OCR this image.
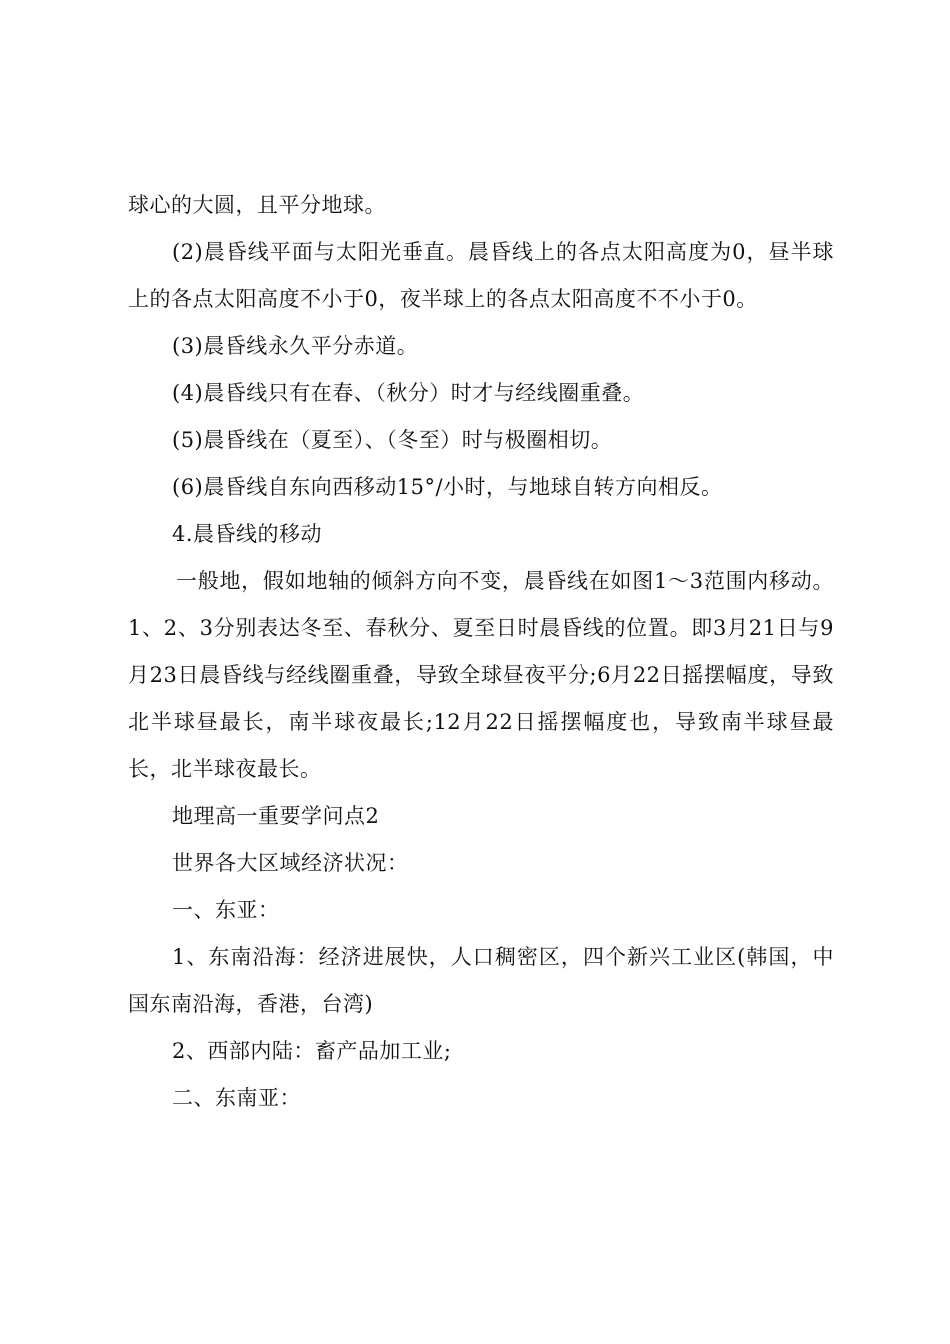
球心的大圆，且平分地球。

(2)晨昏线平面与太阳光垂直。晨昏线上的各点太阳高度为0，昼半球上的各点太阳高度不小于0，夜半球上的各点太阳高度不不小于0。

(3)晨昏线永久平分赤道。

(4)晨昏线只有在春、（秋分）时才与经线圈重叠。

(5)晨昏线在（夏至）、（冬至）时与极圈相切。

(6)晨昏线自东向西移动15°/小时，与地球自转方向相反。

4.晨昏线的移动

一般地，假如地轴的倾斜方向不变，晨昏线在如图1～3范围内移动。1、2、3分别表达冬至、春秋分、夏至日时晨昏线的位置。即3月21日与9月23日晨昏线与经线圈重叠，导致全球昼夜平分;6月22日摇摆幅度，导致北半球昼最长，南半球夜最长;12月22日摇摆幅度也，导致南半球昼最长，北半球夜最长。

地理高一重要学问点2

世界各大区域经济状况：

一、东亚：

1、东南沿海：经济进展快，人口稠密区，四个新兴工业区(韩国，中国东南沿海，香港，台湾)

2、西部内陆：畜产品加工业;

二、东南亚：
